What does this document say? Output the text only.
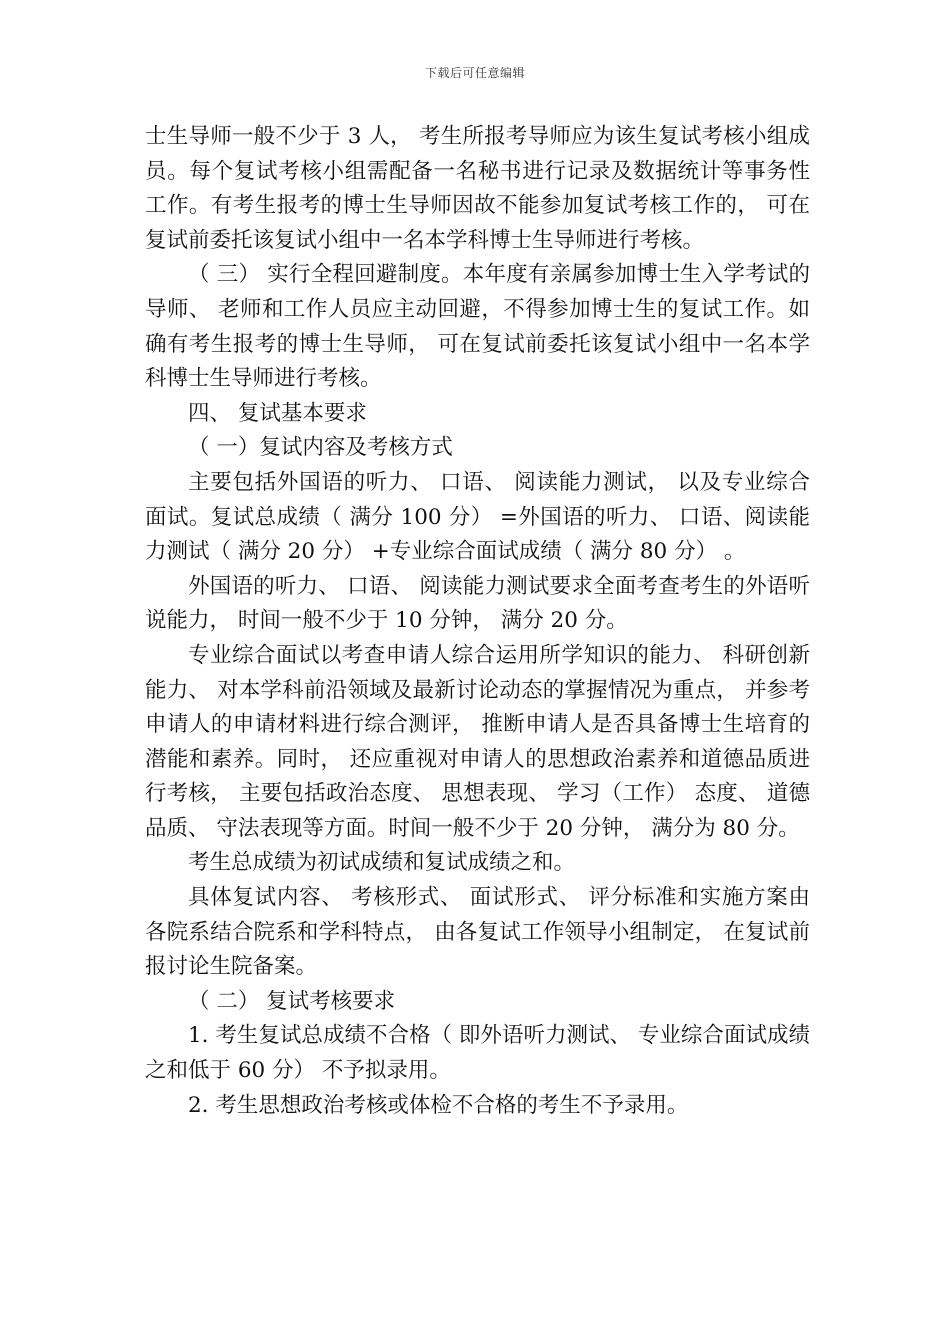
下载后可任意编辑

士生导师一般不少于 3 人， 考生所报考导师应为该生复试考核小组成员。每个复试考核小组需配备一名秘书进行记录及数据统计等事务性工作。有考生报考的博士生导师因故不能参加复试考核工作的， 可在复试前委托该复试小组中一名本学科博士生导师进行考核。

（ 三） 实行全程回避制度。本年度有亲属参加博士生入学考试的导师、 老师和工作人员应主动回避，不得参加博士生的复试工作。如确有考生报考的博士生导师， 可在复试前委托该复试小组中一名本学科博士生导师进行考核。

四、 复试基本要求

（ 一）复试内容及考核方式

主要包括外国语的听力、 口语、 阅读能力测试， 以及专业综合面试。复试总成绩（ 满分 100 分） =外国语的听力、 口语、阅读能力测试（ 满分 20 分） +专业综合面试成绩（ 满分 80 分） 。

外国语的听力、 口语、 阅读能力测试要求全面考查考生的外语听说能力， 时间一般不少于 10 分钟， 满分 20 分。

专业综合面试以考查申请人综合运用所学知识的能力、 科研创新能力、 对本学科前沿领域及最新讨论动态的掌握情况为重点， 并参考申请人的申请材料进行综合测评， 推断申请人是否具备博士生培育的潜能和素养。同时， 还应重视对申请人的思想政治素养和道德品质进行考核， 主要包括政治态度、 思想表现、 学习（工作） 态度、 道德品质、 守法表现等方面。时间一般不少于 20 分钟， 满分为 80 分。

考生总成绩为初试成绩和复试成绩之和。

具体复试内容、 考核形式、 面试形式、 评分标准和实施方案由各院系结合院系和学科特点， 由各复试工作领导小组制定， 在复试前报讨论生院备案。

（ 二） 复试考核要求

1. 考生复试总成绩不合格（ 即外语听力测试、 专业综合面试成绩之和低于 60 分） 不予拟录用。

2. 考生思想政治考核或体检不合格的考生不予录用。
